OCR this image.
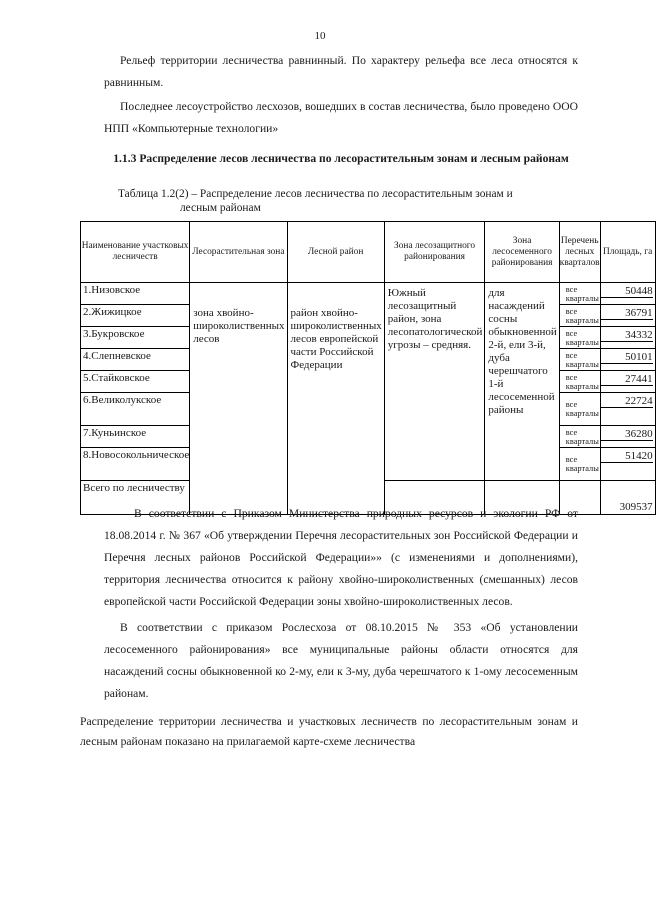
10
Рельеф территории лесничества равнинный. По характеру рельефа все леса относятся к равнинным.
Последнее лесоустройство лесхозов, вошедших в состав лесничества, было проведено ООО НПП «Компьютерные технологии»
1.1.3 Распределение лесов лесничества по лесорастительным зонам и лесным районам
Таблица 1.2(2) – Распределение лесов лесничества по лесорастительным зонам и
лесным районам
Наименование участковых лесничеств	Лесорастительная зона	Лесной район	Зона лесозащитного районирования	Зона лесосеменного районирования	Перечень лесных кварталов	Площадь, га
1.Низовское	зона хвойно-широколиственных лесов	район хвойно-широколиственных лесов европейской части Российской Федерации	Южный лесозащитный район, зона лесопатологической угрозы – средняя.	для насаждений сосны обыкновенной 2-й, ели 3-й, дуба черешчатого 1-й лесосеменной районы	все кварталы	50448
2.Жижицкое					все кварталы	36791
3.Букровское					все кварталы	34332
4.Слепневское					все кварталы	50101
5.Стайковское					все кварталы	27441
6.Великолукское					все кварталы	22724
7.Куньинское					все кварталы	36280
8.Новосокольническое					все кварталы	51420
Всего по лесничеству						309537
В соответствии с Приказом Министерства природных ресурсов и экологии РФ от 18.08.2014 г. № 367 «Об утверждении Перечня лесорастительных зон Российской Федерации и Перечня лесных районов Российской Федерации»» (с изменениями и дополнениями), территория лесничества относится к району хвойно-широколиственных (смешанных) лесов европейской части Российской Федерации зоны хвойно-широколиственных лесов.
В соответствии с приказом Рослесхоза от 08.10.2015 № 353 «Об установлении лесосеменного районирования» все муниципальные районы области относятся для насаждений сосны обыкновенной ко 2-му, ели к 3-му, дуба черешчатого к 1-ому лесосеменным районам.
Распределение территории лесничества и участковых лесничеств по лесорастительным зонам и лесным районам показано на прилагаемой карте-схеме лесничества
